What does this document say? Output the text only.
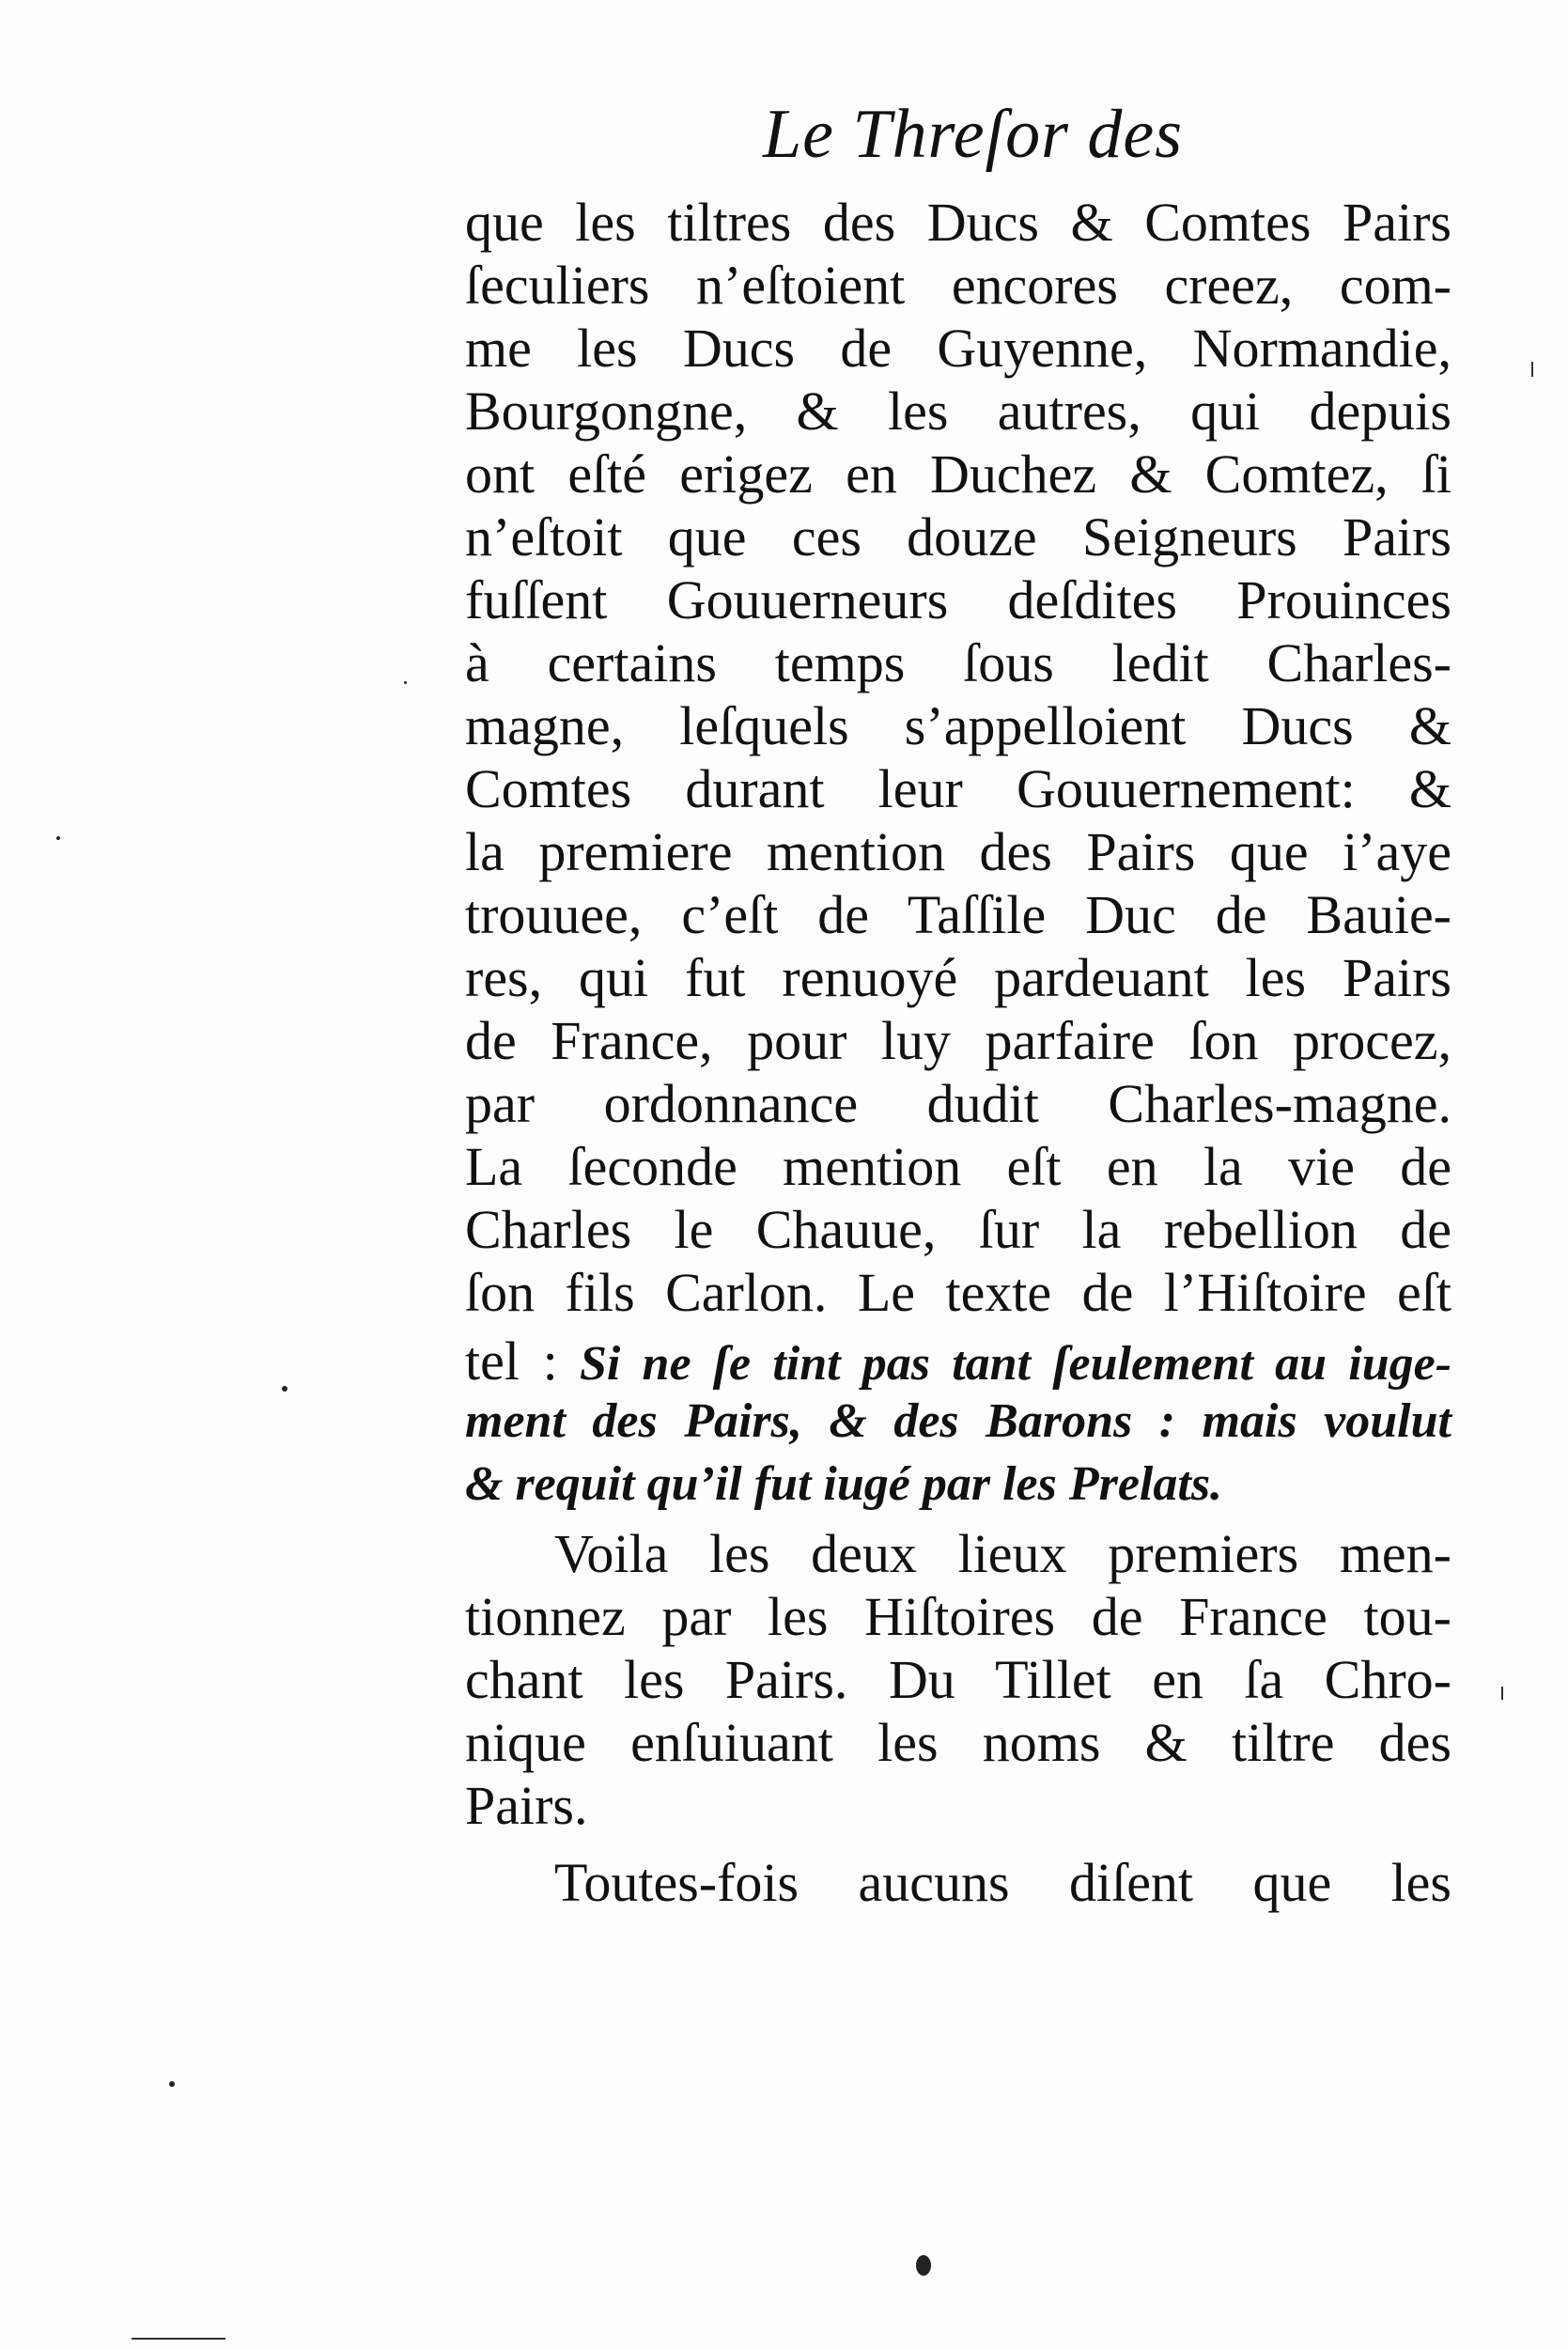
Le Threſor des
que les tiltres des Ducs & Comtes Pairs
ſeculiers n’eſtoient encores creez, com-
me les Ducs de Guyenne, Normandie,
Bourgongne, & les autres, qui depuis
ont eſté erigez en Duchez & Comtez, ſi
n’eſtoit que ces douze Seigneurs Pairs
fuſſent Gouuerneurs deſdites Prouinces
à certains temps ſous ledit Charles-
magne, leſquels s’appelloient Ducs &
Comtes durant leur Gouuernement: &
la premiere mention des Pairs que i’aye
trouuee, c’eſt de Taſſile Duc de Bauie-
res, qui fut renuoyé pardeuant les Pairs
de France, pour luy parfaire ſon procez,
par ordonnance dudit Charles-magne.
La ſeconde mention eſt en la vie de
Charles le Chauue, ſur la rebellion de
ſon fils Carlon. Le texte de l’Hiſtoire eſt
tel : Si ne ſe tint pas tant ſeulement au iuge-
ment des Pairs, & des Barons : mais voulut
& requit qu’il fut iugé par les Prelats.
Voila les deux lieux premiers men-
tionnez par les Hiſtoires de France tou-
chant les Pairs. Du Tillet en ſa Chro-
nique enſuiuant les noms & tiltre des
Pairs.
Toutes-fois aucuns diſent que les
